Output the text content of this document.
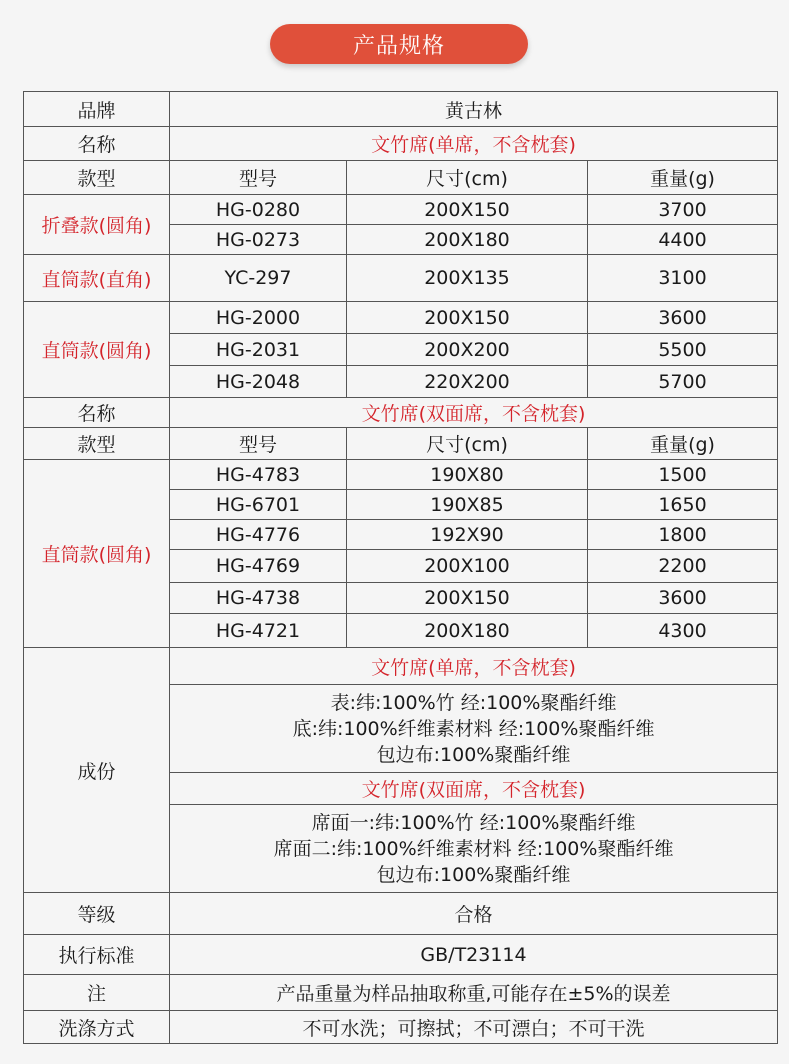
产品规格
品牌	黄古林		
名称	文竹席(单席，不含枕套)		
款型	型号	尺寸(cm)	重量(g)
折叠款(圆角)	HG-0280	200X150	3700
	HG-0273	200X180	4400
直筒款(直角)	YC-297	200X135	3100
直筒款(圆角)	HG-2000	200X150	3600
	HG-2031	200X200	5500
	HG-2048	220X200	5700
名称	文竹席(双面席，不含枕套)		
款型	型号	尺寸(cm)	重量(g)
直筒款(圆角)	HG-4783	190X80	1500
	HG-6701	190X85	1650
	HG-4776	192X90	1800
	HG-4769	200X100	2200
	HG-4738	200X150	3600
	HG-4721	200X180	4300
成份	文竹席(单席，不含枕套)		

	表:纬:100%竹 经:100%聚酯纤维
底:纬:100%纤维素材料 经:100%聚酯纤维
包边布:100%聚酯纤维		

	文竹席(双面席，不含枕套)		

	席面一:纬:100%竹 经:100%聚酯纤维
席面二:纬:100%纤维素材料 经:100%聚酯纤维
包边布:100%聚酯纤维		

等级	合格		
执行标准	GB/T23114		
注	产品重量为样品抽取称重,可能存在±5%的误差		
洗涤方式	不可水洗；可擦拭；不可漂白；不可干洗		
